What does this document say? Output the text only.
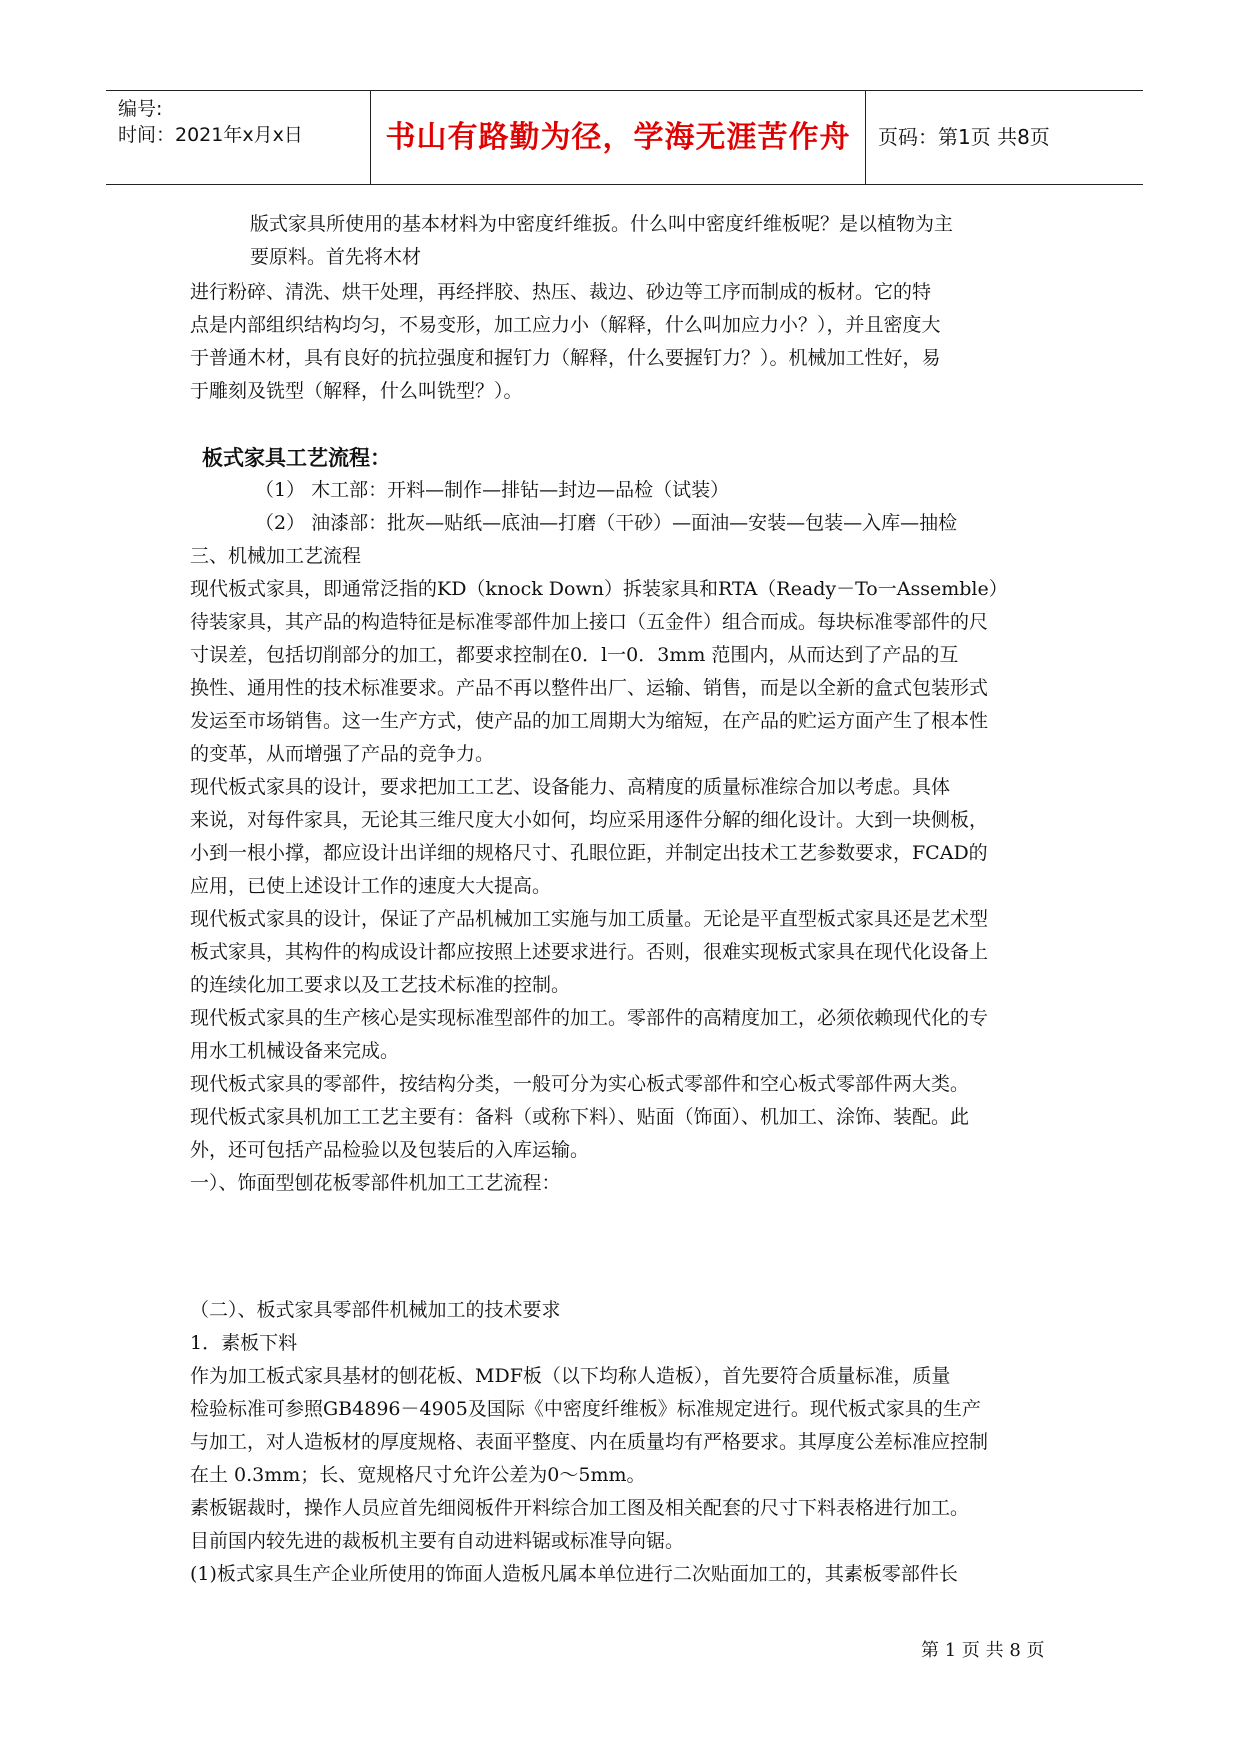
编号:
时间：2021年x月x日	书山有路勤为径，学海无涯苦作舟	页码：第1页 共8页

版式家具所使用的基本材料为中密度纤维扳。什么叫中密度纤维板呢？是以植物为主

要原料。首先将木材

进行粉碎、清洗、烘干处理，再经拌胶、热压、裁边、砂边等工序而制成的板材。它的特

点是内部组织结构均匀，不易变形，加工应力小（解释，什么叫加应力小？），并且密度大

于普通木材，具有良好的抗拉强度和握钉力（解释，什么要握钉力？）。机械加工性好，易

于雕刻及铣型（解释，什么叫铣型？）。

板式家具工艺流程：

（1） 木工部：开料—制作—排钻—封边—品检（试装）

（2） 油漆部：批灰—贴纸—底油—打磨（干砂）—面油—安装—包装—入库—抽检

三、机械加工艺流程

现代板式家具，即通常泛指的KD（knock Down）拆装家具和RTA（Ready－To一Assemble）

待装家具，其产品的构造特征是标准零部件加上接口（五金件）组合而成。每块标准零部件的尺

寸误差，包括切削部分的加工，都要求控制在0．l一0．3mm 范围内，从而达到了产品的互

换性、通用性的技术标准要求。产品不再以整件出厂、运输、销售，而是以全新的盒式包装形式

发运至市场销售。这一生产方式，使产品的加工周期大为缩短，在产品的贮运方面产生了根本性

的变革，从而增强了产品的竞争力。

现代板式家具的设计，要求把加工工艺、设备能力、高精度的质量标准综合加以考虑。具体

来说，对每件家具，无论其三维尺度大小如何，均应采用逐件分解的细化设计。大到一块侧板，

小到一根小撑，都应设计出详细的规格尺寸、孔眼位距，并制定出技术工艺参数要求，FCAD的

应用，已使上述设计工作的速度大大提高。

现代板式家具的设计，保证了产品机械加工实施与加工质量。无论是平直型板式家具还是艺术型

板式家具，其构件的构成设计都应按照上述要求进行。否则，很难实现板式家具在现代化设备上

的连续化加工要求以及工艺技术标准的控制。

现代板式家具的生产核心是实现标准型部件的加工。零部件的高精度加工，必须依赖现代化的专

用水工机械设备来完成。

现代板式家具的零部件，按结构分类，一般可分为实心板式零部件和空心板式零部件两大类。

现代板式家具机加工工艺主要有：备料（或称下料）、贴面（饰面）、机加工、涂饰、装配。此

外，还可包括产品检验以及包装后的入库运输。

一）、饰面型刨花板零部件机加工工艺流程：

（二）、板式家具零部件机械加工的技术要求

1．素板下料

作为加工板式家具基材的刨花板、MDF板（以下均称人造板），首先要符合质量标准，质量

检验标准可参照GB4896－4905及国际《中密度纤维板》标准规定进行。现代板式家具的生产

与加工，对人造板材的厚度规格、表面平整度、内在质量均有严格要求。其厚度公差标准应控制

在土 0.3mm；长、宽规格尺寸允许公差为0～5mm。

素板锯裁时，操作人员应首先细阅板件开料综合加工图及相关配套的尺寸下料表格进行加工。

目前国内较先进的裁板机主要有自动进料锯或标准导向锯。

(1)板式家具生产企业所使用的饰面人造板凡属本单位进行二次贴面加工的，其素板零部件长

第 1 页 共 8 页
